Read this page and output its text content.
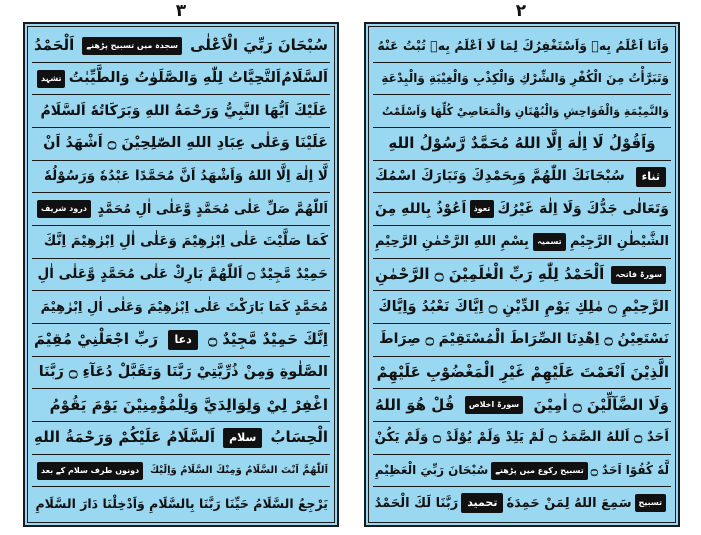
٣	٢
سُبْحَانَ رَبِّيَ الْاَعْلٰى
سجدہ میں تسبیح پڑھنے
اَلْحَمْدُ
اَلسَّلَامُ
اَلتَّحِيَّاتُ لِلّٰهِ وَالصَّلَوٰتُ وَالطَّيِّبٰتُ
تشہد
عَلَيْكَ اَيُّهَا النَّبِيُّ وَرَحْمَةُ اللهِ وَبَرَكَاتُهٗ اَلسَّلَامُ
عَلَيْنَا وَعَلٰى عِبَادِ اللهِ الصّٰلِحِيْنَ ۝ اَشْهَدُ اَنْ
لَّا اِلٰهَ اِلَّا اللهُ وَاَشْهَدُ اَنَّ مُحَمَّدًا عَبْدُهٗ وَرَسُوْلُهٗ
اَللّٰهُمَّ صَلِّ عَلٰى مُحَمَّدٍ وَّعَلٰى اٰلِ مُحَمَّدٍ
درود شریف
كَمَا صَلَّيْتَ عَلٰى اِبْرٰهِيْمَ وَعَلٰى اٰلِ اِبْرٰهِيْمَ اِنَّكَ
حَمِيْدٌ مَّجِيْدٌ ۝ اَللّٰهُمَّ بَارِكْ عَلٰى مُحَمَّدٍ وَّعَلٰى اٰلِ
مُحَمَّدٍ كَمَا بَارَكْتَ عَلٰى اِبْرٰهِيْمَ وَعَلٰى اٰلِ اِبْرٰهِيْمَ
اِنَّكَ حَمِيْدٌ مَّجِيْدٌ ۝
دعا
رَبِّ اجْعَلْنِيْ مُقِيْمَ
الصَّلٰوةِ وَمِنْ ذُرِّيَّتِيْ رَبَّنَا وَتَقَبَّلْ دُعَآءِ ۝ رَبَّنَا
اغْفِرْ لِيْ وَلِوَالِدَيَّ وَلِلْمُؤْمِنِيْنَ يَوْمَ يَقُوْمُ
الْحِسَابُ
سلام
اَلسَّلَامُ عَلَيْكُمْ وَرَحْمَةُ اللهِ
اَللّٰهُمَّ اَنْتَ السَّلَامُ وَمِنْكَ السَّلَامُ وَاِلَيْكَ
دونوں طرف سلام کے بعد
يَرْجِعُ السَّلَامُ حَيِّنَا رَبَّنَا بِالسَّلَامِ وَاَدْخِلْنَا دَارَ السَّلَامِ
وَاَنَا اَعْلَمُ بِهٖ وَاَسْتَغْفِرُكَ لِمَا لَا اَعْلَمُ بِهٖ تُبْتُ عَنْهُ
وَتَبَرَّأْتُ مِنَ الْكُفْرِ وَالشِّرْكِ وَالْكِذْبِ وَالْغِيْبَةِ وَالْبِدْعَةِ
وَالنَّمِيْمَةِ وَالْفَوَاحِشِ وَالْبُهْتَانِ وَالْمَعَاصِيْ كُلِّهَا وَاَسْلَمْتُ
وَاَقُوْلُ لَا اِلٰهَ اِلَّا اللهُ مُحَمَّدٌ رَّسُوْلُ اللهِ
ثناء
سُبْحَانَكَ اللّٰهُمَّ وَبِحَمْدِكَ وَتَبَارَكَ اسْمُكَ
وَتَعَالٰى جَدُّكَ وَلَا اِلٰهَ غَيْرُكَ
تعوذ
اَعُوْذُ بِاللهِ مِنَ
الشَّيْطٰنِ الرَّجِيْمِ
تسمیہ
بِسْمِ اللهِ الرَّحْمٰنِ الرَّحِيْمِ
سورۃ فاتحہ
اَلْحَمْدُ لِلّٰهِ رَبِّ الْعٰلَمِيْنَ ۝ الرَّحْمٰنِ
الرَّحِيْمِ ۝ مٰلِكِ يَوْمِ الدِّيْنِ ۝ اِيَّاكَ نَعْبُدُ وَاِيَّاكَ
نَسْتَعِيْنُ ۝ اِهْدِنَا الصِّرَاطَ الْمُسْتَقِيْمَ ۝ صِرَاطَ
الَّذِيْنَ اَنْعَمْتَ عَلَيْهِمْ غَيْرِ الْمَغْضُوْبِ عَلَيْهِمْ
وَلَا الضَّآلِّيْنَ ۝ اٰمِيْنَ
سورۃ اخلاص
قُلْ هُوَ اللهُ
اَحَدٌ ۝ اَللهُ الصَّمَدُ ۝ لَمْ يَلِدْ وَلَمْ يُوْلَدْ ۝ وَلَمْ يَكُنْ
لَّهٗ كُفُوًا اَحَدٌ ۝
تسبیح رکوع میں پڑھنے
سُبْحَانَ رَبِّيَ الْعَظِيْمِ
تسبیح
سَمِعَ اللهُ لِمَنْ حَمِدَهٗ
تحمید
رَبَّنَا لَكَ الْحَمْدُ
